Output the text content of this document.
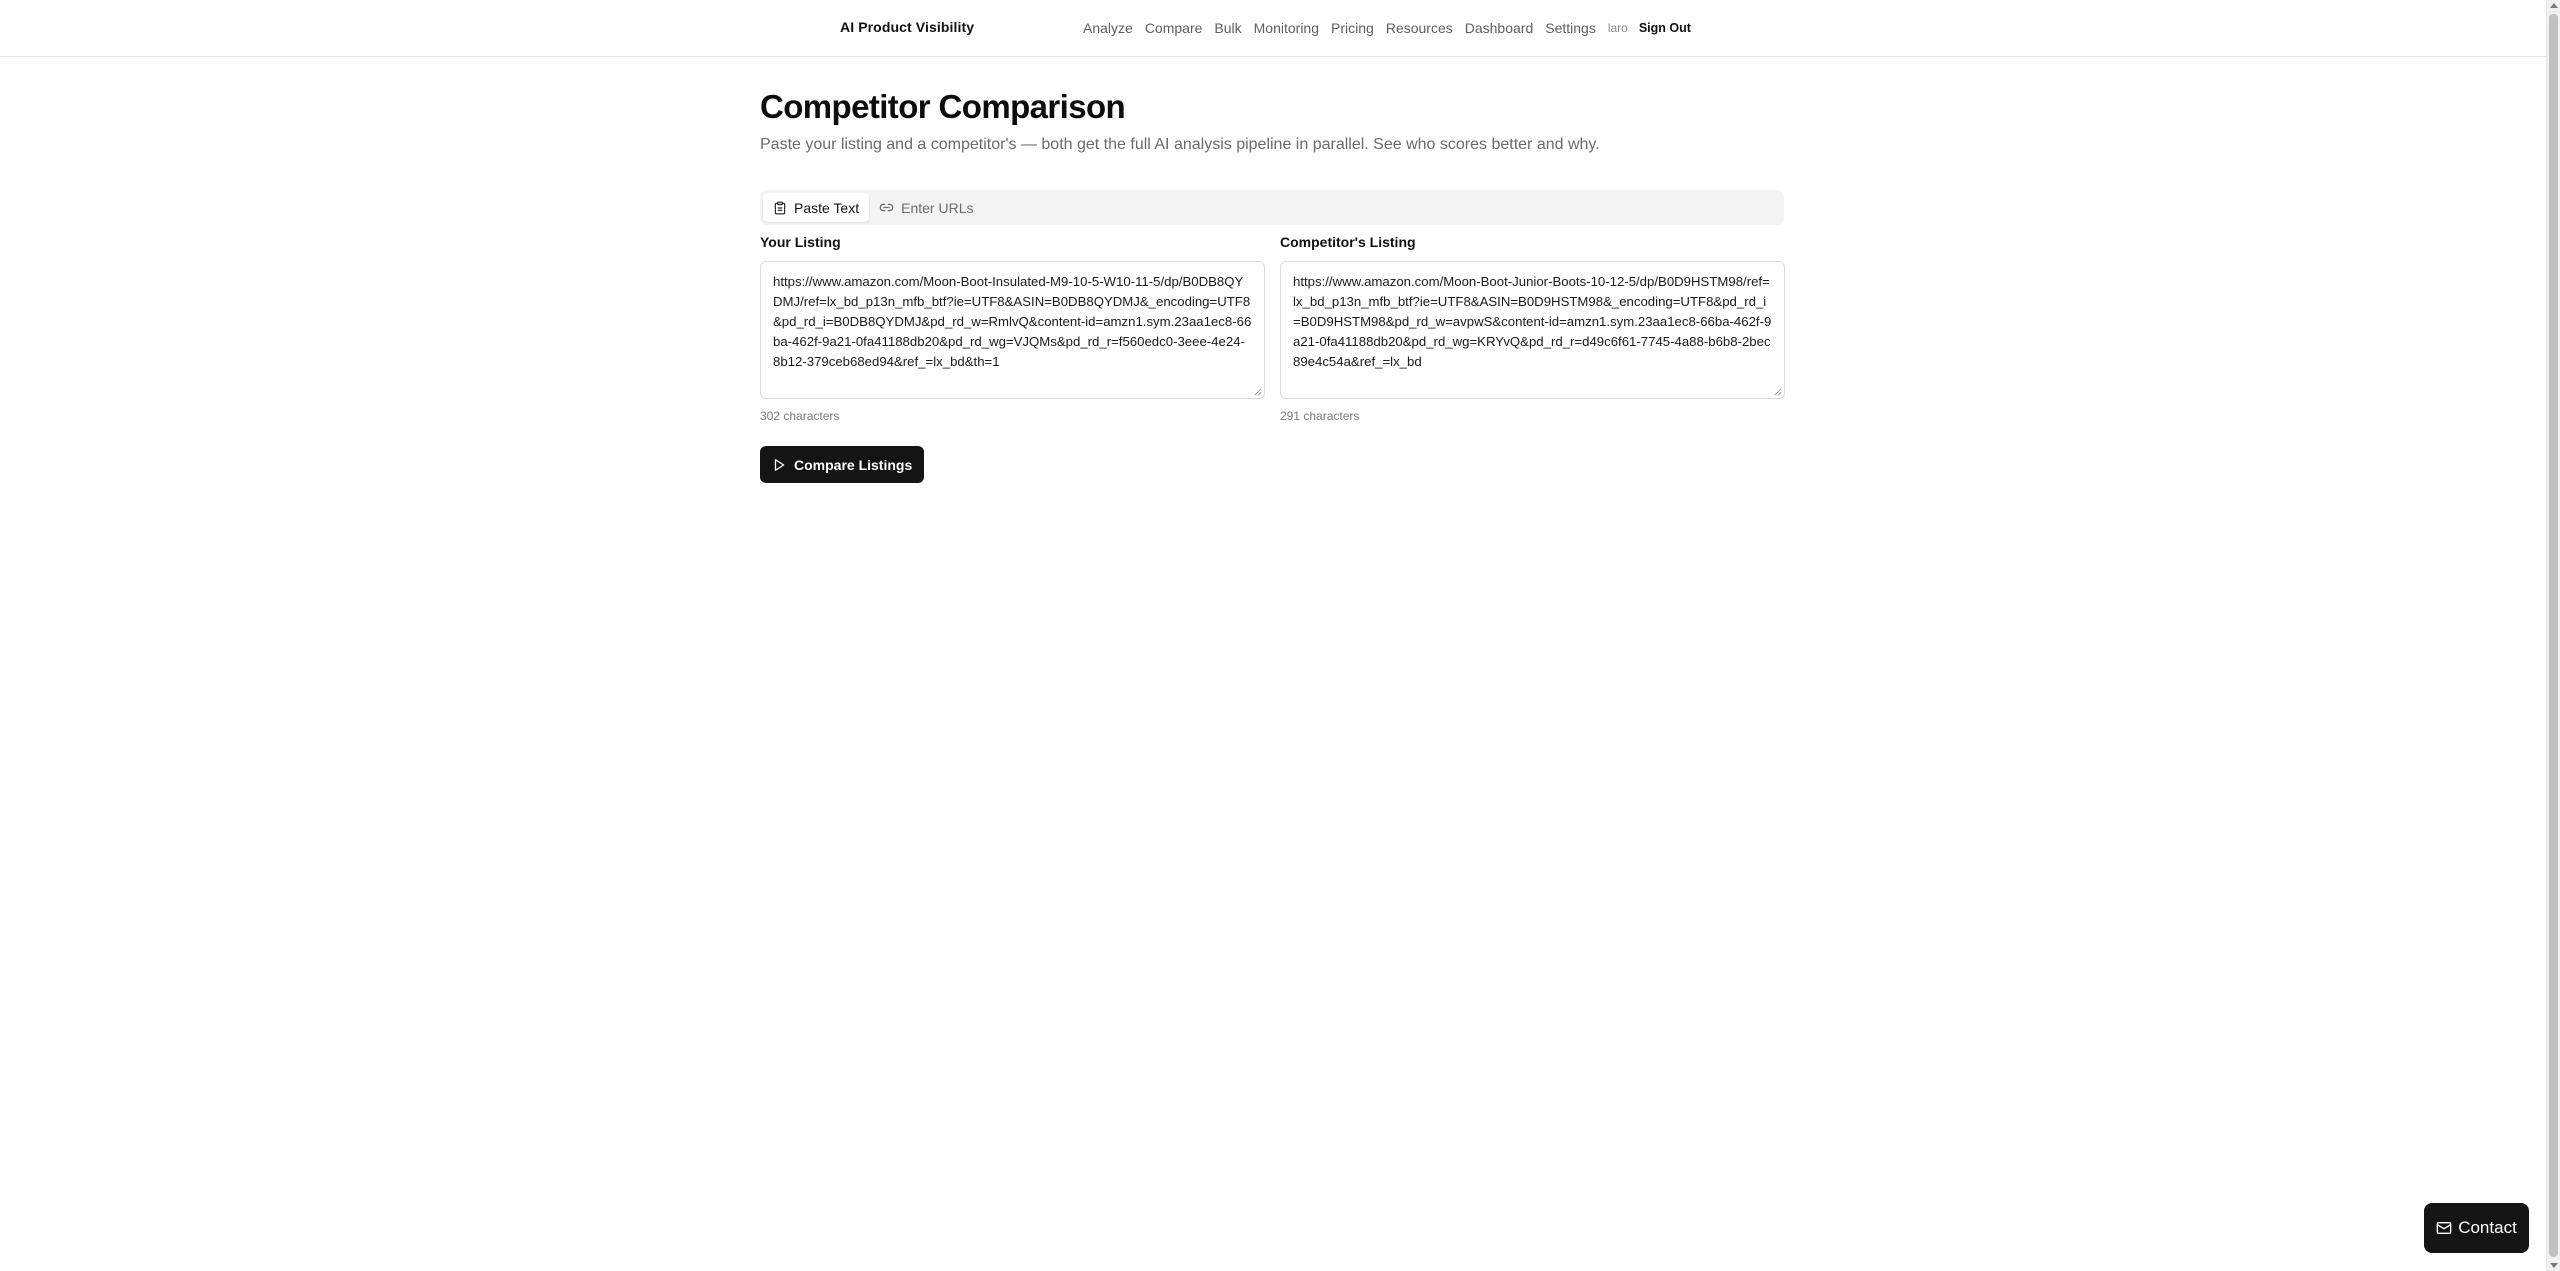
AI Product Visibility	Analyze Compare Bulk Monitoring Pricing Resources Dashboard Settings laro Sign Out
Competitor Comparison

Paste your listing and a competitor's — both get the full AI analysis pipeline in parallel. See who scores better and why.

Paste Text	Enter URLs
Your Listing
https://www.amazon.com/Moon-Boot-Insulated-M9-10-5-W10-11-5/dp/B0DB8QYDMJ/ref=lx_bd_p13n_mfb_btf?ie=UTF8&ASIN=B0DB8QYDMJ&_encoding=UTF8&pd_rd_i=B0DB8QYDMJ&pd_rd_w=RmlvQ&content-id=amzn1.sym.23aa1ec8-66ba-462f-9a21-0fa41188db20&pd_rd_wg=VJQMs&pd_rd_r=f560edc0-3eee-4e24-8b12-379ceb68ed94&ref_=lx_bd&th=1
302 characters
Competitor's Listing
https://www.amazon.com/Moon-Boot-Junior-Boots-10-12-5/dp/B0D9HSTM98/ref=lx_bd_p13n_mfb_btf?ie=UTF8&ASIN=B0D9HSTM98&_encoding=UTF8&pd_rd_i=B0D9HSTM98&pd_rd_w=avpwS&content-id=amzn1.sym.23aa1ec8-66ba-462f-9a21-0fa41188db20&pd_rd_wg=KRYvQ&pd_rd_r=d49c6f61-7745-4a88-b6b8-2bec89e4c54a&ref_=lx_bd
291 characters
Compare Listings
Contact
